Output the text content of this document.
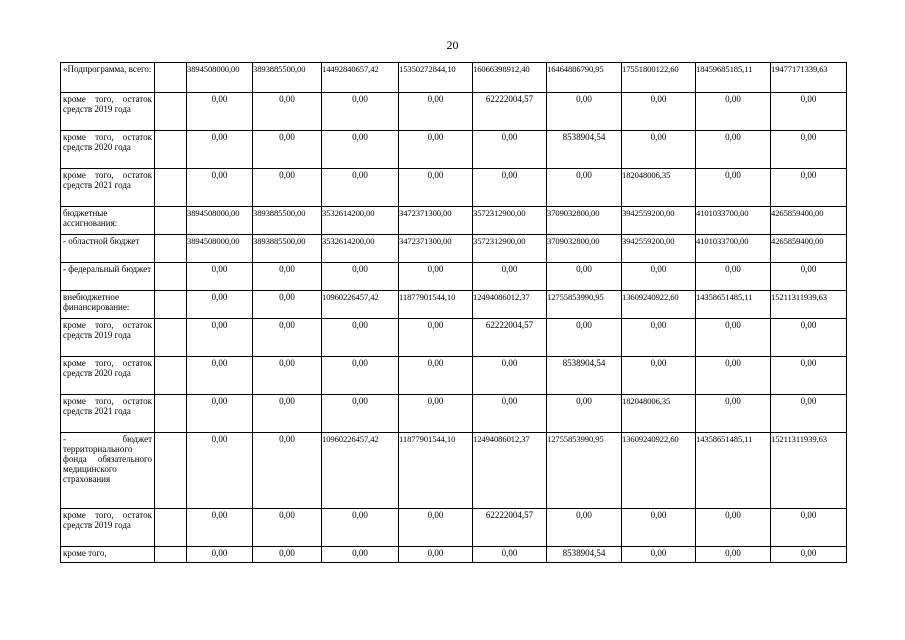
20
«Подпрограмма, всего:		3894508000,00	3893885500,00	14492840657,42	15350272844,10	16066398912,40	16464886790,95	17551800122,60	18459685185,11	19477171339,63
кроме того, остаток средств 2019 года		0,00	0,00	0,00	0,00	62222004,57	0,00	0,00	0,00	0,00
кроме того, остаток средств 2020 года		0,00	0,00	0,00	0,00	0,00	8538904,54	0,00	0,00	0,00
кроме того, остаток средств 2021 года		0,00	0,00	0,00	0,00	0,00	0,00	182048006,35	0,00	0,00
бюджетные ассигнования:		3894508000,00	3893885500,00	3532614200,00	3472371300,00	3572312900,00	3709032800,00	3942559200,00	4101033700,00	4265859400,00
- областной бюджет		3894508000,00	3893885500,00	3532614200,00	3472371300,00	3572312900,00	3709032800,00	3942559200,00	4101033700,00	4265859400,00
- федеральный бюджет		0,00	0,00	0,00	0,00	0,00	0,00	0,00	0,00	0,00
внебюджетное финансирование:		0,00	0,00	10960226457,42	11877901544,10	12494086012,37	12755853990,95	13609240922,60	14358651485,11	15211311939,63
кроме того, остаток средств 2019 года		0,00	0,00	0,00	0,00	62222004,57	0,00	0,00	0,00	0,00
кроме того, остаток средств 2020 года		0,00	0,00	0,00	0,00	0,00	8538904,54	0,00	0,00	0,00
кроме того, остаток средств 2021 года		0,00	0,00	0,00	0,00	0,00	0,00	182048006,35	0,00	0,00
- бюджет территориального фонда обязательного медицинского страхования		0,00	0,00	10960226457,42	11877901544,10	12494086012,37	12755853990,95	13609240922,60	14358651485,11	15211311939,63
кроме того, остаток средств 2019 года		0,00	0,00	0,00	0,00	62222004,57	0,00	0,00	0,00	0,00
кроме того,		0,00	0,00	0,00	0,00	0,00	8538904,54	0,00	0,00	0,00
